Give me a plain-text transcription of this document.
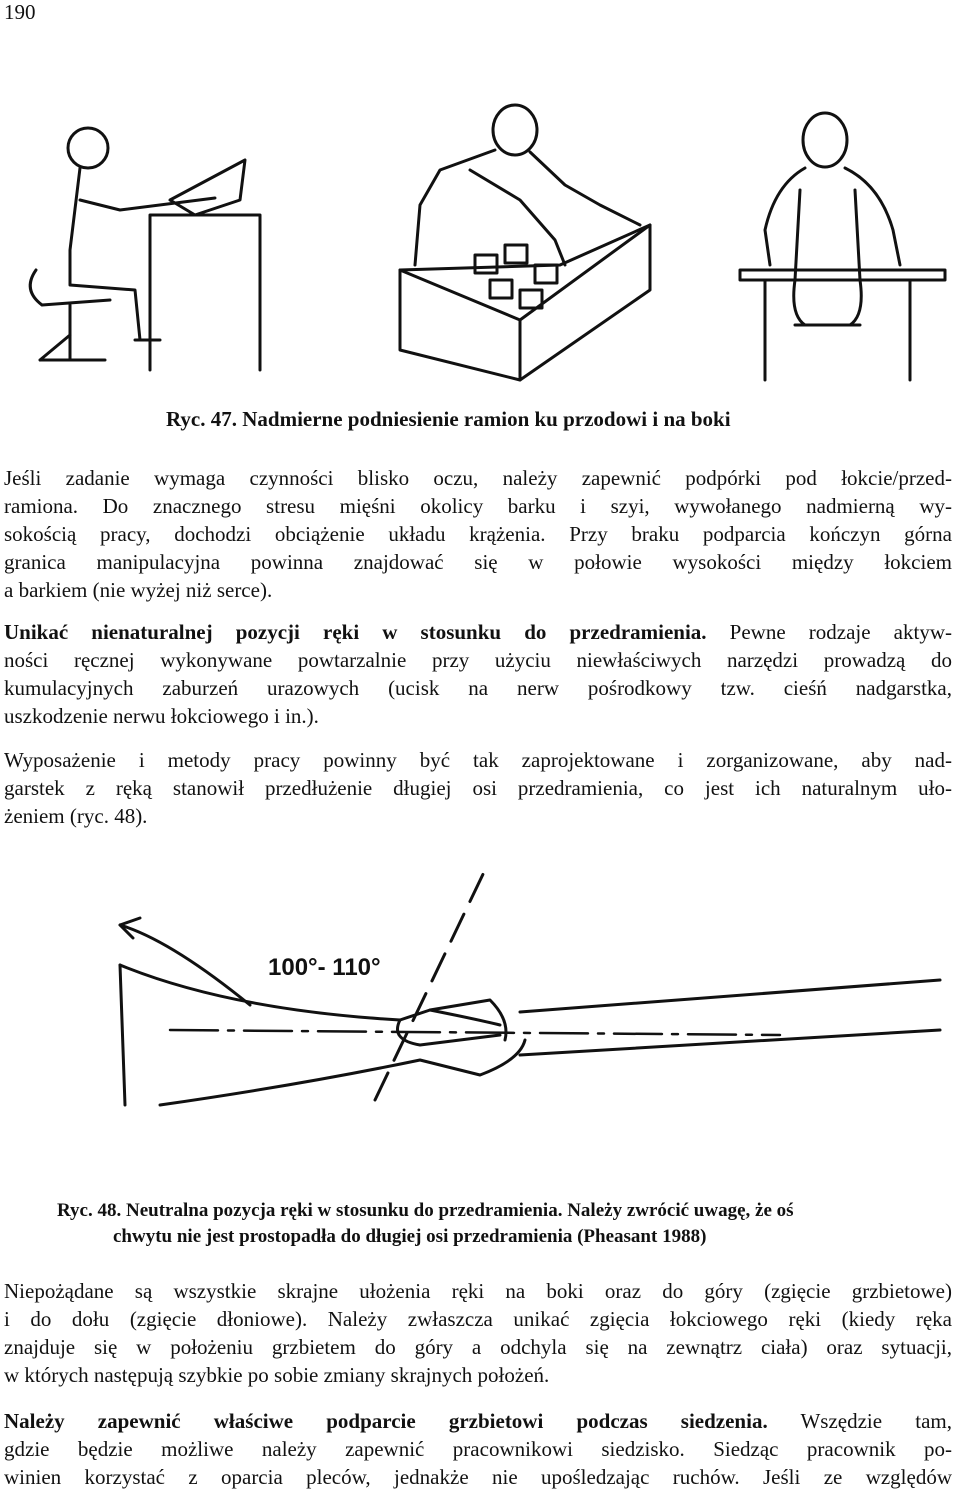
190
Ryc. 47. Nadmierne podniesienie ramion ku przodowi i na boki
Jeśli zadanie wymaga czynności blisko oczu, należy zapewnić podpórki pod łokcie/przed-
ramiona. Do znacznego stresu mięśni okolicy barku i szyi, wywołanego nadmierną wy-
sokością pracy, dochodzi obciążenie układu krążenia. Przy braku podparcia kończyn górna
granica manipulacyjna powinna znajdować się w połowie wysokości między łokciem
a barkiem (nie wyżej niż serce).
Unikać nienaturalnej pozycji ręki w stosunku do przedramienia. Pewne rodzaje aktyw-
ności ręcznej wykonywane powtarzalnie przy użyciu niewłaściwych narzędzi prowadzą do
kumulacyjnych zaburzeń urazowych (ucisk na nerw pośrodkowy tzw. cieśń nadgarstka,
uszkodzenie nerwu łokciowego i in.).
Wyposażenie i metody pracy powinny być tak zaprojektowane i zorganizowane, aby nad-
garstek z ręką stanowił przedłużenie długiej osi przedramienia, co jest ich naturalnym uło-
żeniem (ryc. 48).
100°- 110°
Ryc. 48. Neutralna pozycja ręki w stosunku do przedramienia. Należy zwrócić uwagę, że oś
chwytu nie jest prostopadła do długiej osi przedramienia (Pheasant 1988)
Niepożądane są wszystkie skrajne ułożenia ręki na boki oraz do góry (zgięcie grzbietowe)
i do dołu (zgięcie dłoniowe). Należy zwłaszcza unikać zgięcia łokciowego ręki (kiedy ręka
znajduje się w położeniu grzbietem do góry a odchyla się na zewnątrz ciała) oraz sytuacji,
w których następują szybkie po sobie zmiany skrajnych położeń.
Należy zapewnić właściwe podparcie grzbietowi podczas siedzenia. Wszędzie tam,
gdzie będzie możliwe należy zapewnić pracownikowi siedzisko. Siedząc pracownik po-
winien korzystać z oparcia pleców, jednakże nie upośledzając ruchów. Jeśli ze względów
